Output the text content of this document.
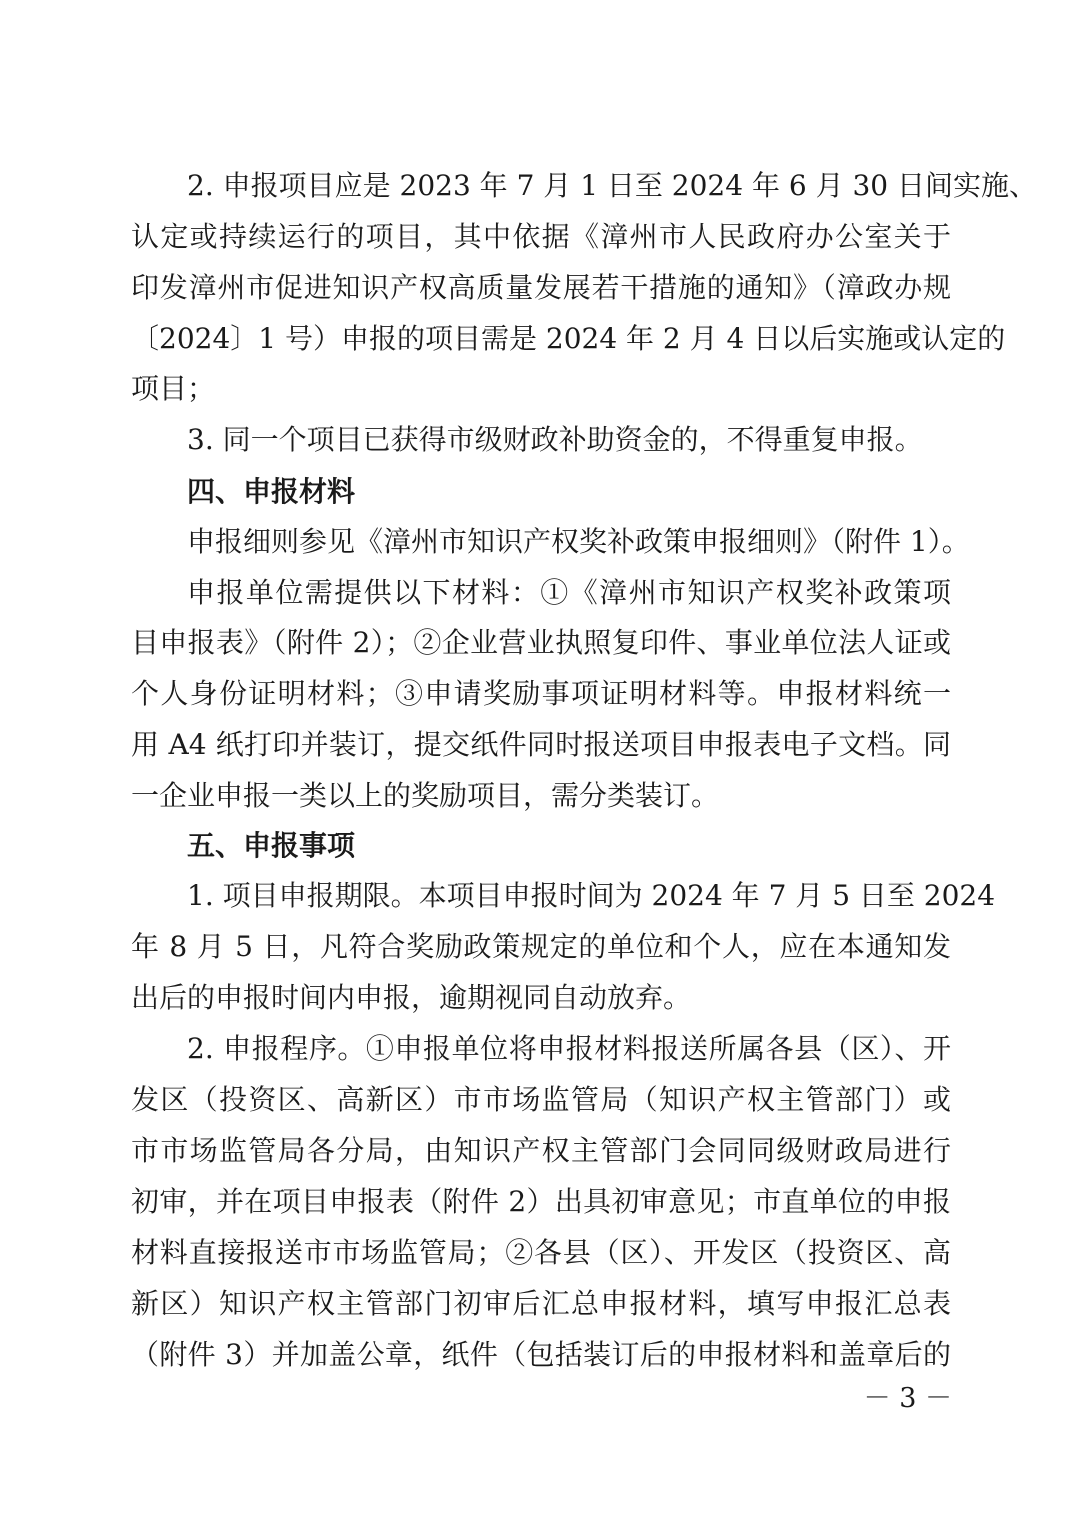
2. 申报项目应是 2023 年 7 月 1 日至 2024 年 6 月 30 日间实施、
认定或持续运行的项目，其中依据《漳州市人民政府办公室关于
印发漳州市促进知识产权高质量发展若干措施的通知》（漳政办规
〔2024〕1 号）申报的项目需是 2024 年 2 月 4 日以后实施或认定的
项目；
3. 同一个项目已获得市级财政补助资金的，不得重复申报。
四、申报材料
申报细则参见《漳州市知识产权奖补政策申报细则》（附件 1）。
申报单位需提供以下材料：①《漳州市知识产权奖补政策项
目申报表》（附件 2）；②企业营业执照复印件、事业单位法人证或
个人身份证明材料；③申请奖励事项证明材料等。申报材料统一
用 A4 纸打印并装订，提交纸件同时报送项目申报表电子文档。同
一企业申报一类以上的奖励项目，需分类装订。
五、申报事项
1. 项目申报期限。本项目申报时间为 2024 年 7 月 5 日至 2024
年 8 月 5 日，凡符合奖励政策规定的单位和个人，应在本通知发
出后的申报时间内申报，逾期视同自动放弃。
2. 申报程序。①申报单位将申报材料报送所属各县（区）、开
发区（投资区、高新区）市市场监管局（知识产权主管部门）或
市市场监管局各分局，由知识产权主管部门会同同级财政局进行
初审，并在项目申报表（附件 2）出具初审意见；市直单位的申报
材料直接报送市市场监管局；②各县（区）、开发区（投资区、高
新区）知识产权主管部门初审后汇总申报材料，填写申报汇总表
（附件 3）并加盖公章，纸件（包括装订后的申报材料和盖章后的
－ 3 －
